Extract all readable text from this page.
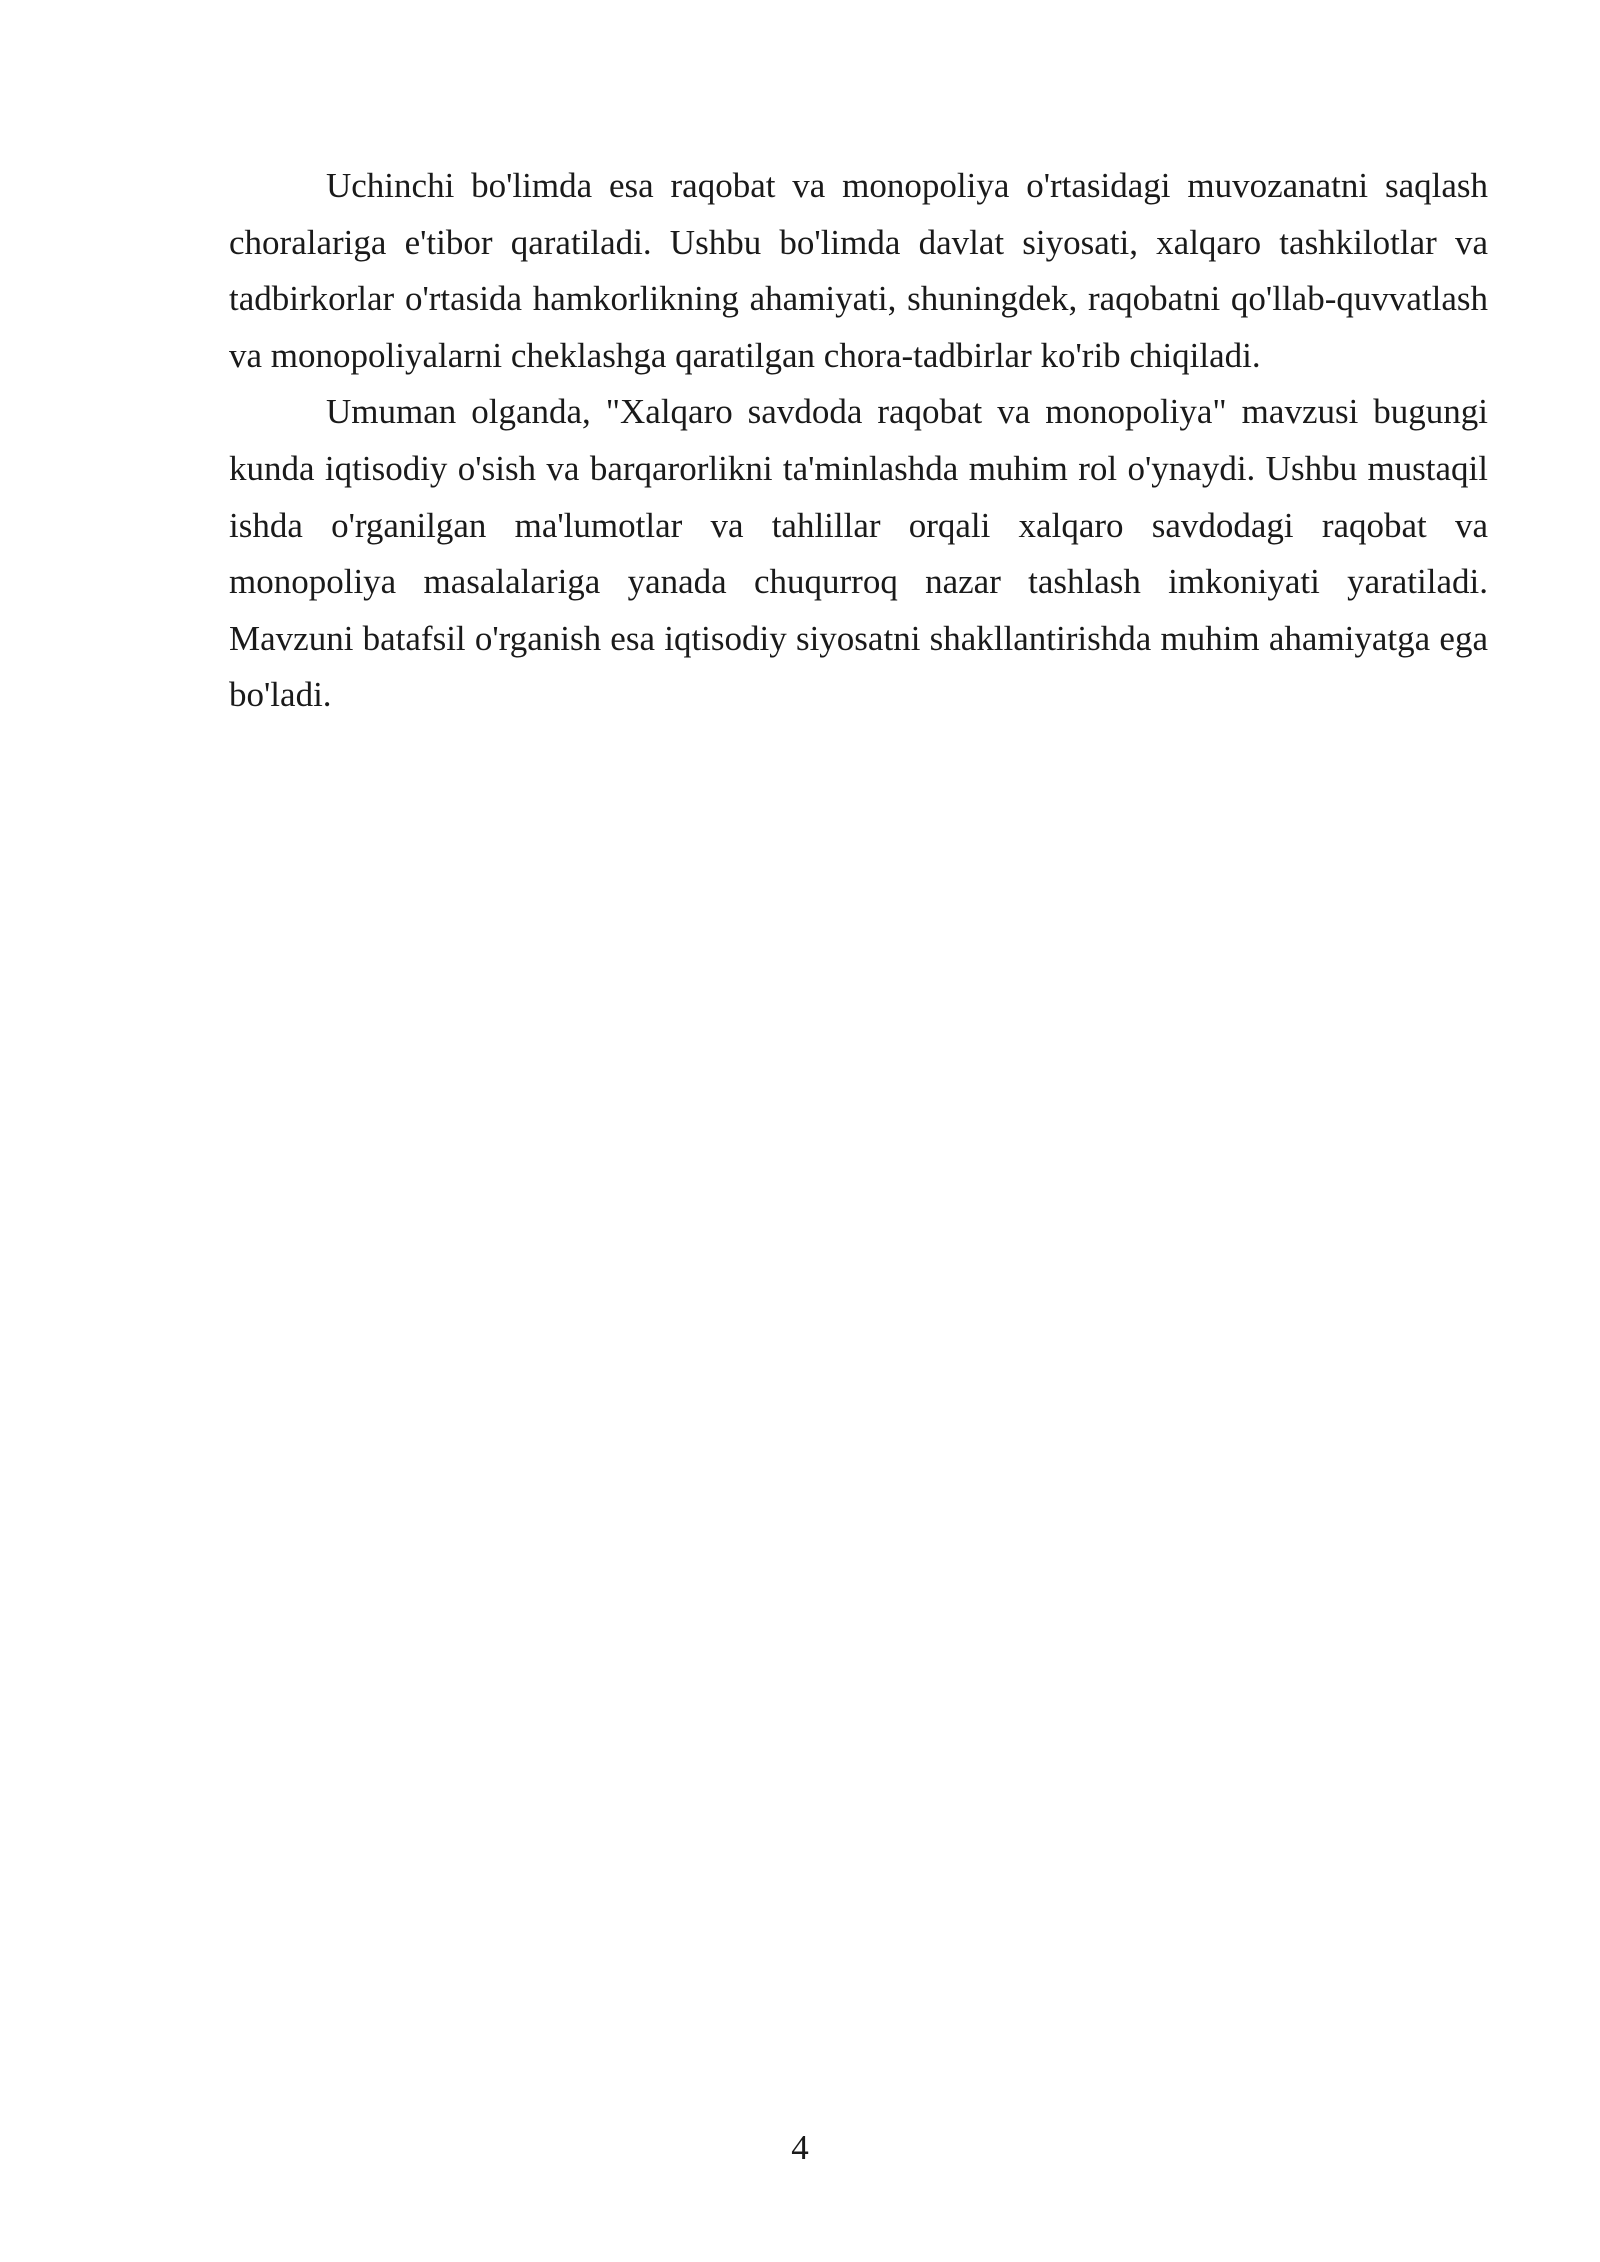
Uchinchi bo'limda esa raqobat va monopoliya o'rtasidagi muvozanatni saqlash choralariga e'tibor qaratiladi. Ushbu bo'limda davlat siyosati, xalqaro tashkilotlar va tadbirkorlar o'rtasida hamkorlikning ahamiyati, shuningdek, raqobatni qo'llab-quvvatlash va monopoliyalarni cheklashga qaratilgan chora-tadbirlar ko'rib chiqiladi.

Umuman olganda, "Xalqaro savdoda raqobat va monopoliya" mavzusi bugungi kunda iqtisodiy o'sish va barqarorlikni ta'minlashda muhim rol o'ynaydi. Ushbu mustaqil ishda o'rganilgan ma'lumotlar va tahlillar orqali xalqaro savdodagi raqobat va monopoliya masalalariga yanada chuqurroq nazar tashlash imkoniyati yaratiladi. Mavzuni batafsil o'rganish esa iqtisodiy siyosatni shakllantirishda muhim ahamiyatga ega bo'ladi.

4
